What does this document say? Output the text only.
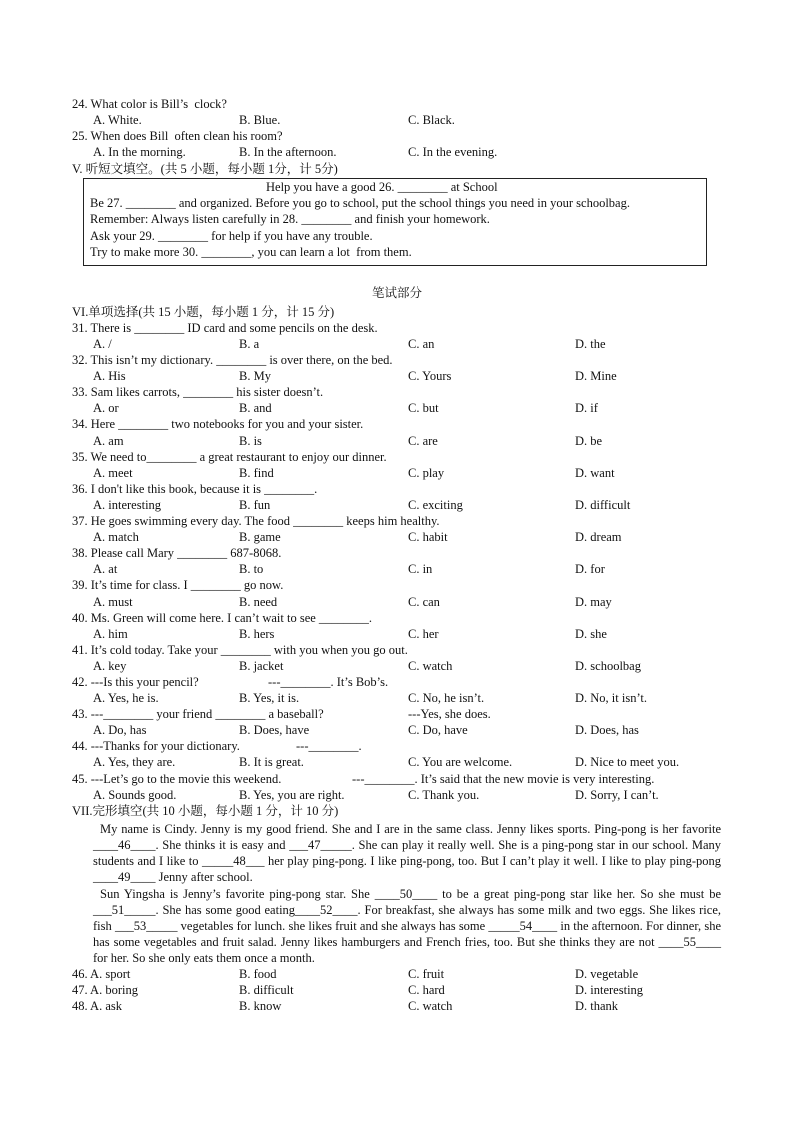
24. What color is Bill’s  clock?
A. White.	B. Blue.	C. Black.
25. When does Bill  often clean his room?
A. In the morning.	B. In the afternoon.	C. In the evening.
V. 听短文填空。(共 5 小题，每小题 1分，计 5分)
Help you have a good 26. ________ at School
Be 27. ________ and organized. Before you go to school, put the school things you need in your schoolbag.
Remember: Always listen carefully in 28. ________ and finish your homework.
Ask your 29. ________ for help if you have any trouble.
Try to make more 30. ________, you can learn a lot  from them.
笔试部分
VI.单项选择(共 15 小题，每小题 1 分，计 15 分)
31. There is ________ ID card and some pencils on the desk.
A. /	B. a	C. an	D. the
32. This isn’t my dictionary. ________ is over there, on the bed.
A. His	B. My	C. Yours	D. Mine
33. Sam likes carrots, ________ his sister doesn’t.
A. or	B. and	C. but	D. if
34. Here ________ two notebooks for you and your sister.
A. am	B. is	C. are	D. be
35. We need to________ a great restaurant to enjoy our dinner.
A. meet	B. find	C. play	D. want
36. I don't like this book, because it is ________.
A. interesting	B. fun	C. exciting	D. difficult
37. He goes swimming every day. The food ________ keeps him healthy.
A. match	B. game	C. habit	D. dream
38. Please call Mary ________ 687-8068.
A. at	B. to	C. in	D. for
39. It’s time for class. I ________ go now.
A. must	B. need	C. can	D. may
40. Ms. Green will come here. I can’t wait to see ________.
A. him	B. hers	C. her	D. she
41. It’s cold today. Take your ________ with you when you go out.
A. key	B. jacket	C. watch	D. schoolbag
42. ---Is this your pencil?	---________. It’s Bob’s.
A. Yes, he is.	B. Yes, it is.	C. No, he isn’t.	D. No, it isn’t.
43. ---________ your friend ________ a baseball?	---Yes, she does.
A. Do, has	B. Does, have	C. Do, have	D. Does, has
44. ---Thanks for your dictionary.	---________.
A. Yes, they are.	B. It is great.	C. You are welcome.	D. Nice to meet you.
45. ---Let’s go to the movie this weekend.	---________. It’s said that the new movie is very interesting.
A. Sounds good.	B. Yes, you are right.	C. Thank you.	D. Sorry, I can’t.
VII.完形填空(共 10 小题，每小题 1 分，计 10 分)
My name is Cindy. Jenny is my good friend. She and I are in the same class. Jenny likes sports. Ping-pong is her favorite ____46____. She thinks it is easy and ___47_____. She can play it really well. She is a ping-pong star in our school. Many students and I like to _____48___ her play ping-pong. I like ping-pong, too. But I can’t play it well. I like to play ping-pong ____49____ Jenny after school.
Sun Yingsha is Jenny’s favorite ping-pong star. She ____50____ to be a great ping-pong star like her. So she must be ___51_____. She has some good eating____52____. For breakfast, she always has some milk and two eggs. She likes rice, fish ___53_____ vegetables for lunch. she likes fruit and she always has some _____54____ in the afternoon. For dinner, she has some vegetables and fruit salad. Jenny likes hamburgers and French fries, too. But she thinks they are not ____55____ for her. So she only eats them once a month.
46. A. sport	B. food	C. fruit	D. vegetable
47. A. boring	B. difficult	C. hard	D. interesting
48. A. ask	B. know	C. watch	D. thank
